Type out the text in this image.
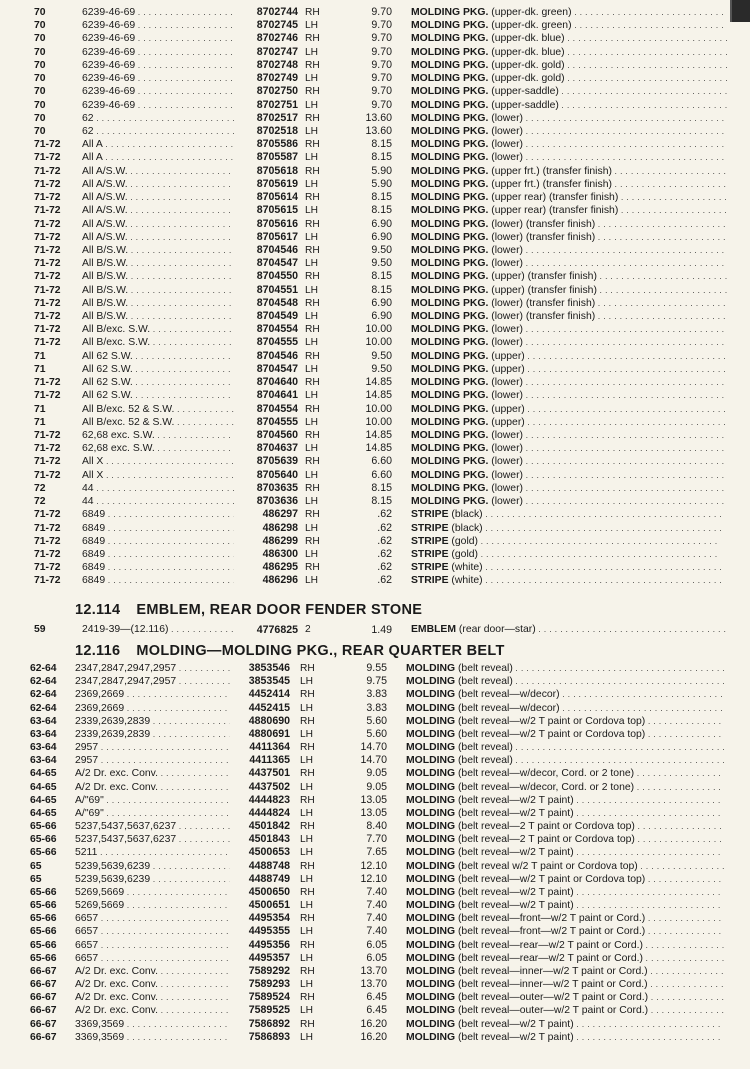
70	6239-46-69 . . .	8702744 RH	9.70 MOLDING PKG. (upper-dk. green) . . .
70	6239-46-69 . . .	8702745 LH	9.70 MOLDING PKG. (upper-dk. green) . . .
70	6239-46-69 . . .	8702746 RH	9.70 MOLDING PKG. (upper-dk. blue) . . .
70	6239-46-69 . . .	8702747 LH	9.70 MOLDING PKG. (upper-dk. blue) . . .
70	6239-46-69 . . .	8702748 RH	9.70 MOLDING PKG. (upper-dk. gold) . . .
70	6239-46-69 . . .	8702749 LH	9.70 MOLDING PKG. (upper-dk. gold) . . .
70	6239-46-69 . . .	8702750 RH	9.70 MOLDING PKG. (upper-saddle) . . .
70	6239-46-69 . . .	8702751 LH	9.70 MOLDING PKG. (upper-saddle) . . .
70	62 . . .	8702517 RH	13.60 MOLDING PKG. (lower) . . .
70	62 . . .	8702518 LH	13.60 MOLDING PKG. (lower) . . .
71-72 All A . . .	8705586 RH	8.15 MOLDING PKG. (lower) . . .
71-72 All A . . .	8705587 LH	8.15 MOLDING PKG. (lower) . . .
71-72 All A/S.W. . . .	8705618 RH	5.90 MOLDING PKG. (upper frt.) (transfer finish) . . .
71-72 All A/S.W. . . .	8705619 LH	5.90 MOLDING PKG. (upper frt.) (transfer finish) . . .
71-72 All A/S.W. . . .	8705614 RH	8.15 MOLDING PKG. (upper rear) (transfer finish) . . .
71-72 All A/S.W. . . .	8705615 LH	8.15 MOLDING PKG. (upper rear) (transfer finish) . . .
71-72 All A/S.W. . . .	8705616 RH	6.90 MOLDING PKG. (lower) (transfer finish) . . .
71-72 All A/S.W. . . .	8705617 LH	6.90 MOLDING PKG. (lower) (transfer finish) . . .
71-72 All B/S.W. . . .	8704546 RH	9.50 MOLDING PKG. (lower) . . .
71-72 All B/S.W. . . .	8704547 LH	9.50 MOLDING PKG. (lower) . . .
71-72 All B/S.W. . . .	8704550 RH	8.15 MOLDING PKG. (upper) (transfer finish) . . .
71-72 All B/S.W. . . .	8704551 LH	8.15 MOLDING PKG. (upper) (transfer finish) . . .
71-72 All B/S.W. . . .	8704548 RH	6.90 MOLDING PKG. (lower) (transfer finish) . . .
71-72 All B/S.W. . . .	8704549 LH	6.90 MOLDING PKG. (lower) (transfer finish) . . .
71-72 All B/exc. S.W. . . .	8704554 RH	10.00 MOLDING PKG. (lower) . . .
71-72 All B/exc. S.W. . . .	8704555 LH	10.00 MOLDING PKG. (lower) . . .
71	All 62 S.W. . . .	8704546 RH	9.50 MOLDING PKG. (upper) . . .
71	All 62 S.W. . . .	8704547 LH	9.50 MOLDING PKG. (upper) . . .
71-72 All 62 S.W. . . .	8704640 RH	14.85 MOLDING PKG. (lower) . . .
71-72 All 62 S.W. . . .	8704641 LH	14.85 MOLDING PKG. (lower) . . .
71	All B/exc. 52 & S.W. . . .	8704554 RH	10.00 MOLDING PKG. (upper) . . .
71	All B/exc. 52 & S.W. . . .	8704555 LH	10.00 MOLDING PKG. (upper) . . .
71-72 62,68 exc. S.W. . . .	8704560 RH	14.85 MOLDING PKG. (lower) . . .
71-72 62,68 exc. S.W. . . .	8704637 LH	14.85 MOLDING PKG. (lower) . . .
71-72 All X . . .	8705639 RH	6.60 MOLDING PKG. (lower) . . .
71-72 All X . . .	8705640 LH	6.60 MOLDING PKG. (lower) . . .
72	44 . . .	8703635 RH	8.15 MOLDING PKG. (lower) . . .
72	44 . . .	8703636 LH	8.15 MOLDING PKG. (lower) . . .
71-72 6849 . . .	486297 RH	.62 STRIPE (black) . . .
71-72 6849 . . .	486298 LH	.62 STRIPE (black) . . .
71-72 6849 . . .	486299 RH	.62 STRIPE (gold) . . .
71-72 6849 . . .	486300 LH	.62 STRIPE (gold) . . .
71-72 6849 . . .	486295 RH	.62 STRIPE (white) . . .
71-72 6849 . . .	486296 LH	.62 STRIPE (white) . . .
12.114 EMBLEM, REAR DOOR FENDER STONE
59	2419-39—(12.116) . . .	4776825 2	1.49 EMBLEM (rear door—star) . . .
12.116 MOLDING—MOLDING PKG., REAR QUARTER BELT
62-64 2347,2847,2947,2957 . . .	3853546 RH	9.55 MOLDING (belt reveal) . . .
62-64 2347,2847,2947,2957 . . .	3853545 LH	9.75 MOLDING (belt reveal) . . .
62-64 2369,2669 . . .	4452414 RH	3.83 MOLDING (belt reveal—w/decor) . . .
62-64 2369,2669 . . .	4452415 LH	3.83 MOLDING (belt reveal—w/decor) . . .
63-64 2339,2639,2839 . . .	4880690 RH	5.60 MOLDING (belt reveal—w/2 T paint or Cordova top) . . .
63-64 2339,2639,2839 . . .	4880691 LH	5.60 MOLDING (belt reveal—w/2 T paint or Cordova top) . . .
63-64 2957 . . .	4411364 RH	14.70 MOLDING (belt reveal) . . .
63-64 2957 . . .	4411365 LH	14.70 MOLDING (belt reveal) . . .
64-65 A/2 Dr. exc. Conv. . . .	4437501 RH	9.05 MOLDING (belt reveal—w/decor, Cord. or 2 tone) . . .
64-65 A/2 Dr. exc. Conv. . . .	4437502 LH	9.05 MOLDING (belt reveal—w/decor, Cord. or 2 tone) . . .
64-65 A/"69" . . .	4444823 RH	13.05 MOLDING (belt reveal—w/2 T paint) . . .
64-65 A/"69" . . .	4444824 LH	13.05 MOLDING (belt reveal—w/2 T paint) . . .
65-66 5237,5437,5637,6237 . . .	4501842 RH	8.40 MOLDING (belt reveal—2 T paint or Cordova top) . . .
65-66 5237,5437,5637,6237 . . .	4501843 LH	7.70 MOLDING (belt reveal—2 T paint or Cordova top) . . .
65-66 5211 . . .	4500653 LH	7.65 MOLDING (belt reveal—w/2 T paint) . . .
65	5239,5639,6239 . . .	4488748 RH	12.10 MOLDING (belt reveal w/2 T paint or Cordova top) . . .
65	5239,5639,6239 . . .	4488749 LH	12.10 MOLDING (belt reveal—w/2 T paint or Cordova top) . . .
65-66 5269,5669 . . .	4500650 RH	7.40 MOLDING (belt reveal—w/2 T paint) . . .
65-66 5269,5669 . . .	4500651 LH	7.40 MOLDING (belt reveal—w/2 T paint) . . .
65-66 6657 . . .	4495354 RH	7.40 MOLDING (belt reveal—front—w/2 T paint or Cord.) . . .
65-66 6657 . . .	4495355 LH	7.40 MOLDING (belt reveal—front—w/2 T paint or Cord.) . . .
65-66 6657 . . .	4495356 RH	6.05 MOLDING (belt reveal—rear—w/2 T paint or Cord.) . . .
65-66 6657 . . .	4495357 LH	6.05 MOLDING (belt reveal—rear—w/2 T paint or Cord.) . . .
66-67 A/2 Dr. exc. Conv. . . .	7589292 RH	13.70 MOLDING (belt reveal—inner—w/2 T paint or Cord.) . . .
66-67 A/2 Dr. exc. Conv. . . .	7589293 LH	13.70 MOLDING (belt reveal—inner—w/2 T paint or Cord.) . . .
66-67 A/2 Dr. exc. Conv. . . .	7589524 RH	6.45 MOLDING (belt reveal—outer—w/2 T paint or Cord.) . . .
66-67 A/2 Dr. exc. Conv. . . .	7589525 LH	6.45 MOLDING (belt reveal—outer—w/2 T paint or Cord.) . . .
66-67 3369,3569 . . .	7586892 RH	16.20 MOLDING (belt reveal—w/2 T paint) . . .
66-67 3369,3569 . . .	7586893 LH	16.20 MOLDING (belt reveal—w/2 T paint) . . .
